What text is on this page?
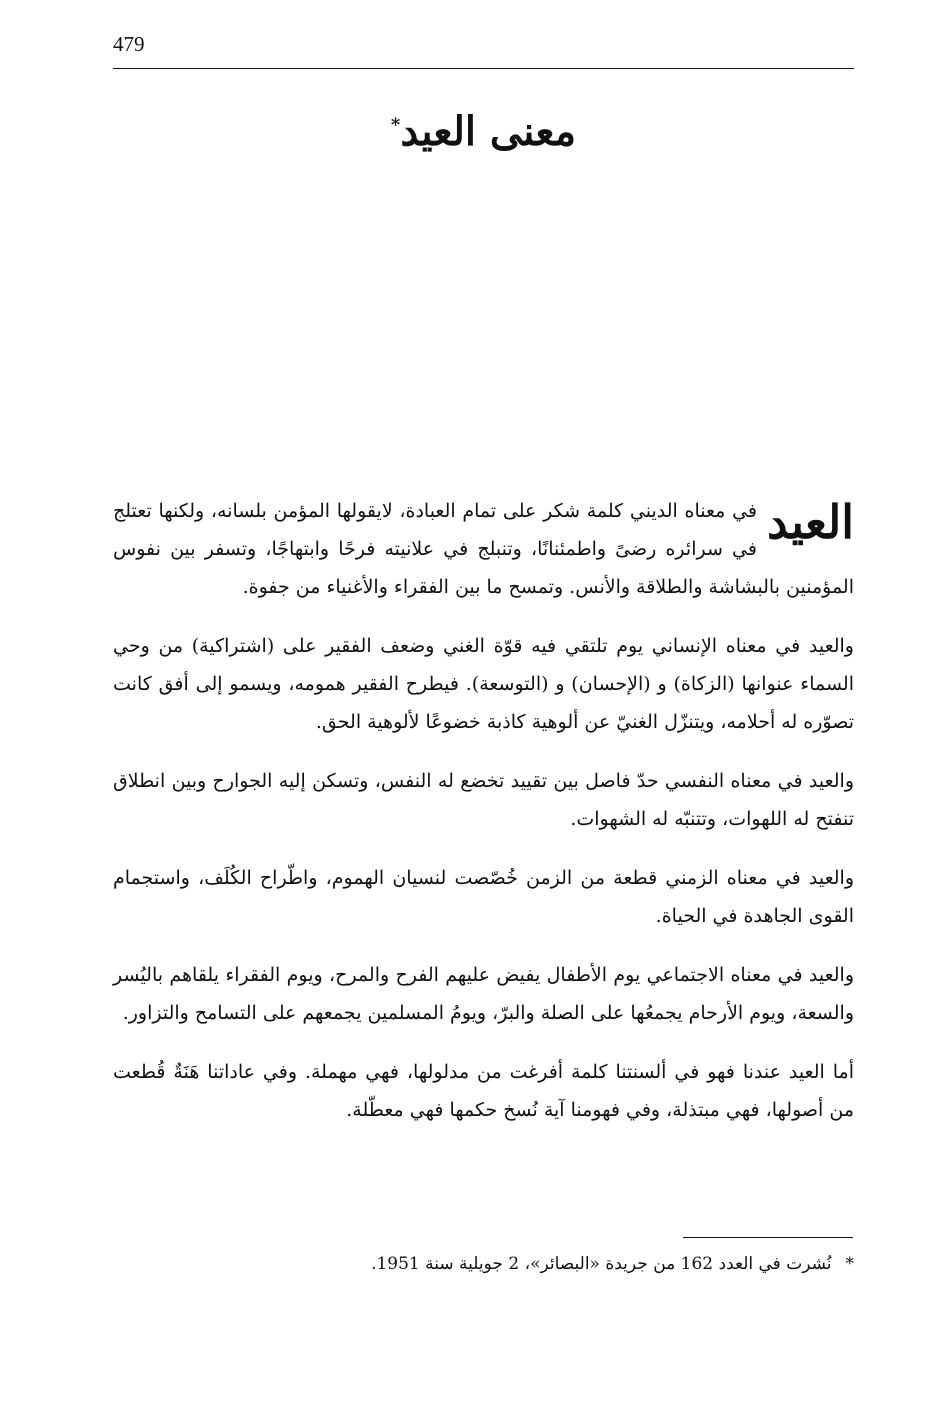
479
معنى العيد*

العيد
في معناه الديني كلمة شكر على تمام العبادة، لايقولها المؤمن بلسانه، ولكنها تعتلج في سرائره رضىً واطمئنانًا، وتنبلج في علانيته فرحًا وابتهاجًا، وتسفر بين نفوس المؤمنين بالبشاشة والطلاقة والأنس. وتمسح ما بين الفقراء والأغنياء من جفوة.

والعيد في معناه الإنساني يوم تلتقي فيه قوّة الغني وضعف الفقير على (اشتراكية) من وحي السماء عنوانها (الزكاة) و (الإحسان) و (التوسعة). فيطرح الفقير همومه، ويسمو إلى أفق كانت تصوّره له أحلامه، ويتنزّل الغنيّ عن ألوهية كاذبة خضوعًا لألوهية الحق.

والعيد في معناه النفسي حدّ فاصل بين تقييد تخضع له النفس، وتسكن إليه الجوارح وبين انطلاق تنفتح له اللهوات، وتتنبّه له الشهوات.

والعيد في معناه الزمني قطعة من الزمن خُصّصت لنسيان الهموم، واطّراح الكُلَف، واستجمام القوى الجاهدة في الحياة.

والعيد في معناه الاجتماعي يوم الأطفال يفيض عليهم الفرح والمرح، ويوم الفقراء يلقاهم باليُسر والسعة، ويوم الأرحام يجمعُها على الصلة والبرّ، ويومُ المسلمين يجمعهم على التسامح والتزاور.

أما العيد عندنا فهو في ألسنتنا كلمة أفرغت من مدلولها، فهي مهملة. وفي عاداتنا هَنَةٌ قُطعت من أصولها، فهي مبتذلة، وفي فهومنا آية نُسخ حكمها فهي معطّلة.

*نُشرت في العدد 162 من جريدة «البصائر»، 2 جويلية سنة 1951.
